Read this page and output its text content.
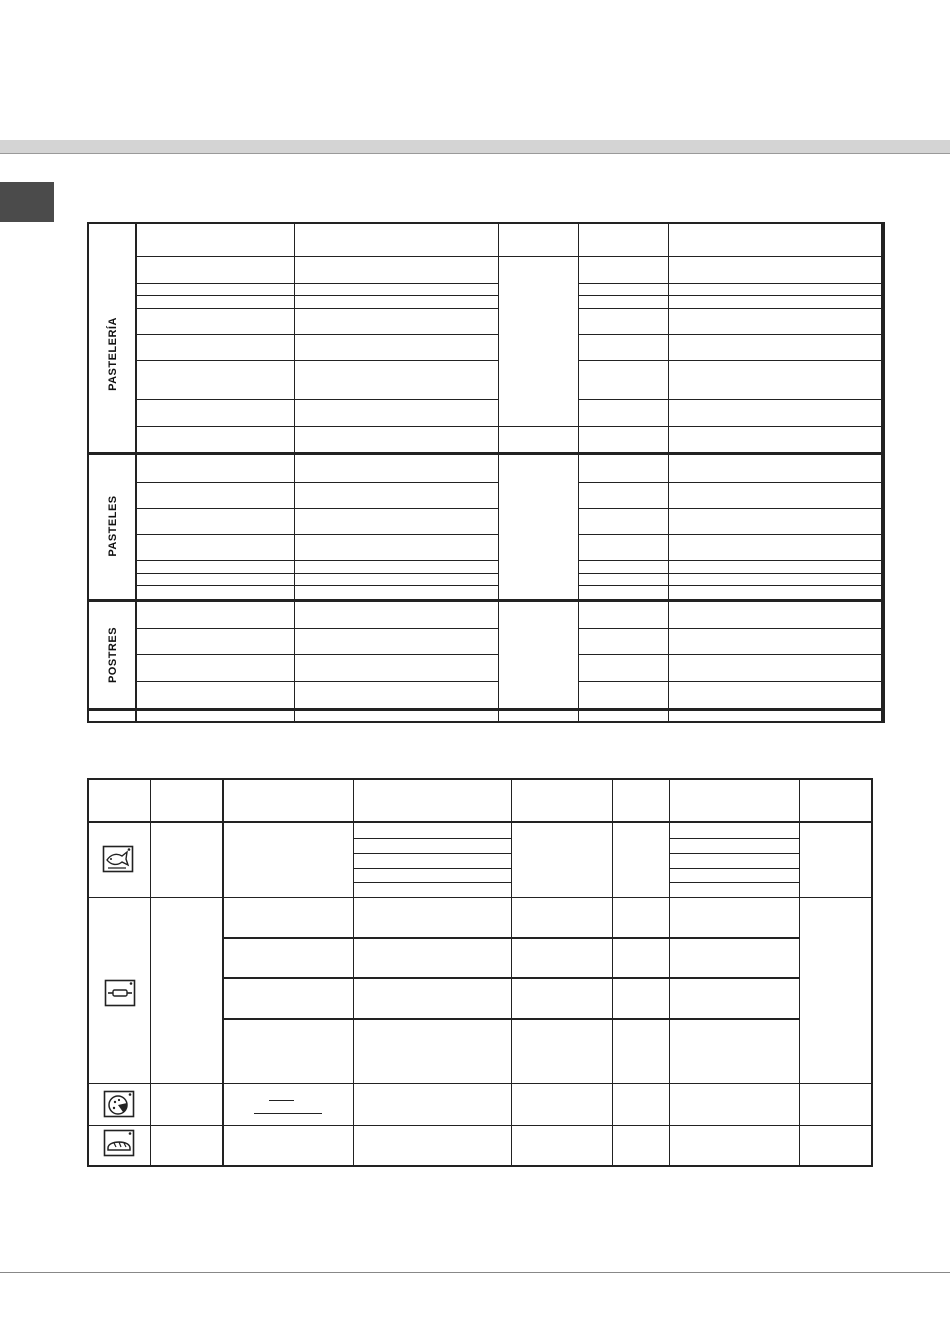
PASTELERÍA
PASTELES
POSTRES
